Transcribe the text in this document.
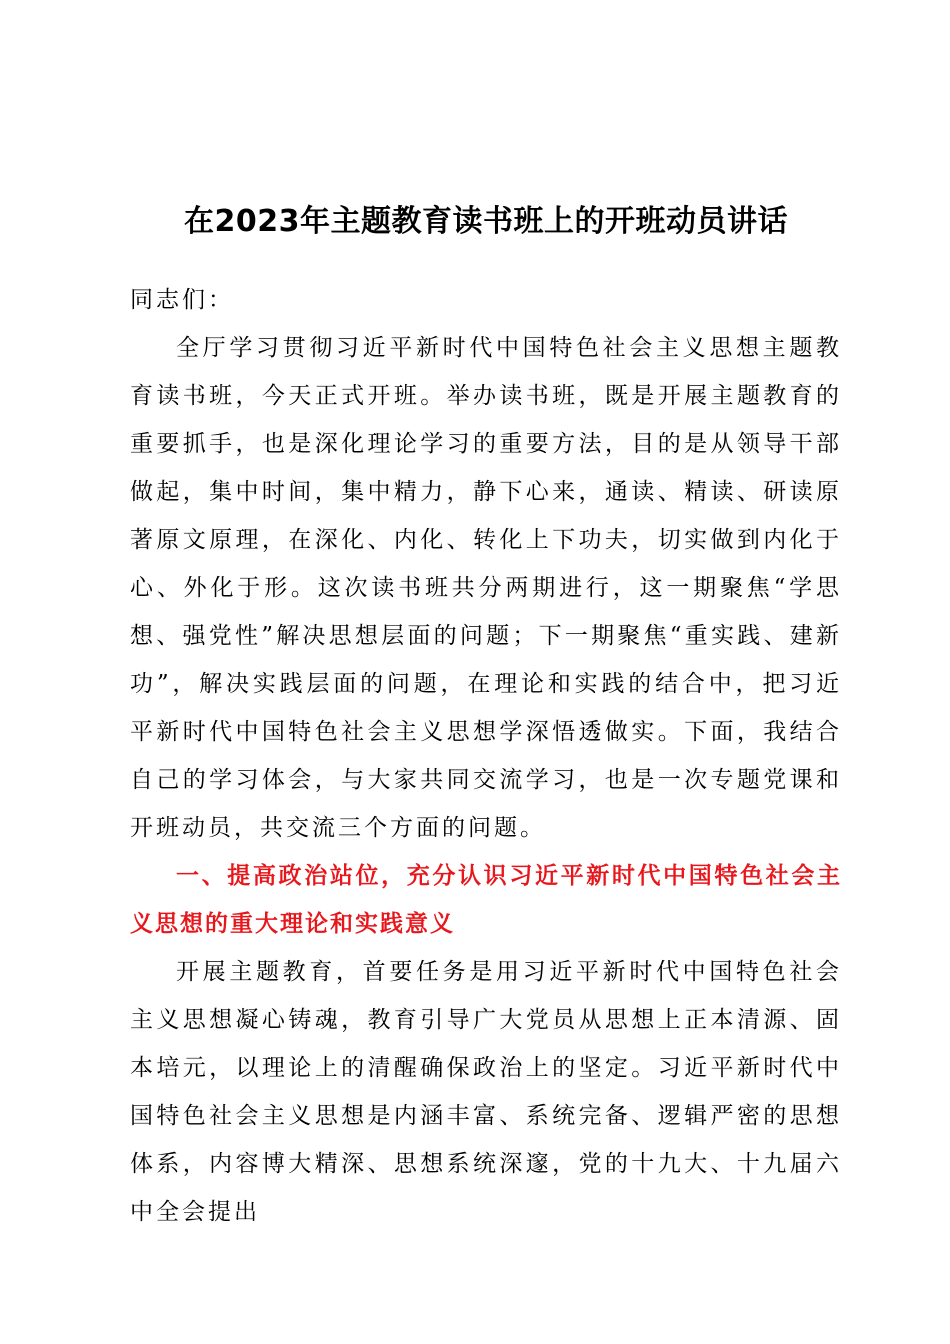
在2023年主题教育读书班上的开班动员讲话

同志们：

全厅学习贯彻习近平新时代中国特色社会主义思想主题教育读书班，今天正式开班。举办读书班，既是开展主题教育的重要抓手，也是深化理论学习的重要方法，目的是从领导干部做起，集中时间，集中精力，静下心来，通读、精读、研读原著原文原理，在深化、内化、转化上下功夫，切实做到内化于心、外化于形。这次读书班共分两期进行，这一期聚焦“学思想、强党性”解决思想层面的问题；下一期聚焦“重实践、建新功”，解决实践层面的问题，在理论和实践的结合中，把习近平新时代中国特色社会主义思想学深悟透做实。下面，我结合自己的学习体会，与大家共同交流学习，也是一次专题党课和开班动员，共交流三个方面的问题。

一、提高政治站位，充分认识习近平新时代中国特色社会主义思想的重大理论和实践意义

开展主题教育，首要任务是用习近平新时代中国特色社会主义思想凝心铸魂，教育引导广大党员从思想上正本清源、固本培元，以理论上的清醒确保政治上的坚定。习近平新时代中国特色社会主义思想是内涵丰富、系统完备、逻辑严密的思想体系，内容博大精深、思想系统深邃，党的十九大、十九届六中全会提出
